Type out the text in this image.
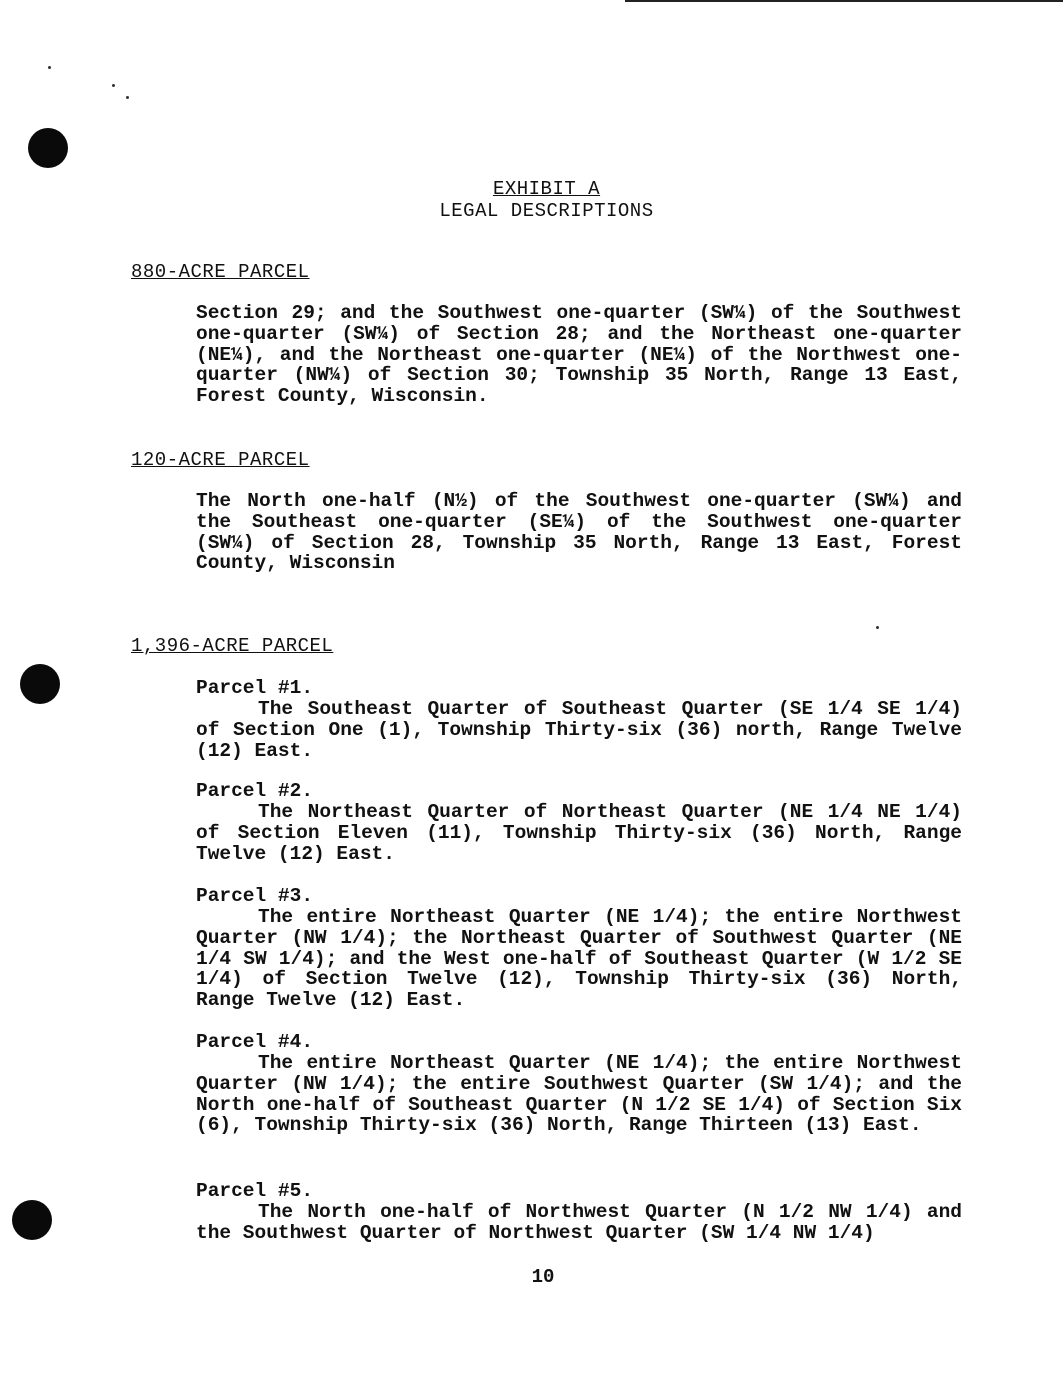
EXHIBIT A
LEGAL DESCRIPTIONS
880-ACRE PARCEL
Section 29; and the Southwest one-quarter (SW¼) of the Southwest one-quarter (SW¼) of Section 28; and the Northeast one-quarter (NE¼), and the Northeast one-quarter (NE¼) of the Northwest one-quarter (NW¼) of Section 30; Township 35 North, Range 13 East, Forest County, Wisconsin.
120-ACRE PARCEL
The North one-half (N½) of the Southwest one-quarter (SW¼) and the Southeast one-quarter (SE¼) of the Southwest one-quarter (SW¼) of Section 28, Township 35 North, Range 13 East, Forest County, Wisconsin
1,396-ACRE PARCEL
Parcel #1.
The Southeast Quarter of Southeast Quarter (SE 1/4 SE 1/4) of Section One (1), Township Thirty-six (36) north, Range Twelve (12) East.
Parcel #2.
The Northeast Quarter of Northeast Quarter (NE 1/4 NE 1/4) of Section Eleven (11), Township Thirty-six (36) North, Range Twelve (12) East.
Parcel #3.
The entire Northeast Quarter (NE 1/4); the entire Northwest Quarter (NW 1/4); the Northeast Quarter of Southwest Quarter (NE 1/4 SW 1/4); and the West one-half of Southeast Quarter (W 1/2 SE 1/4) of Section Twelve (12), Township Thirty-six (36) North, Range Twelve (12) East.
Parcel #4.
The entire Northeast Quarter (NE 1/4); the entire Northwest Quarter (NW 1/4); the entire Southwest Quarter (SW 1/4); and the North one-half of Southeast Quarter (N 1/2 SE 1/4) of Section Six (6), Township Thirty-six (36) North, Range Thirteen (13) East.
Parcel #5.
The North one-half of Northwest Quarter (N 1/2 NW 1/4) and the Southwest Quarter of Northwest Quarter (SW 1/4 NW 1/4)
10
